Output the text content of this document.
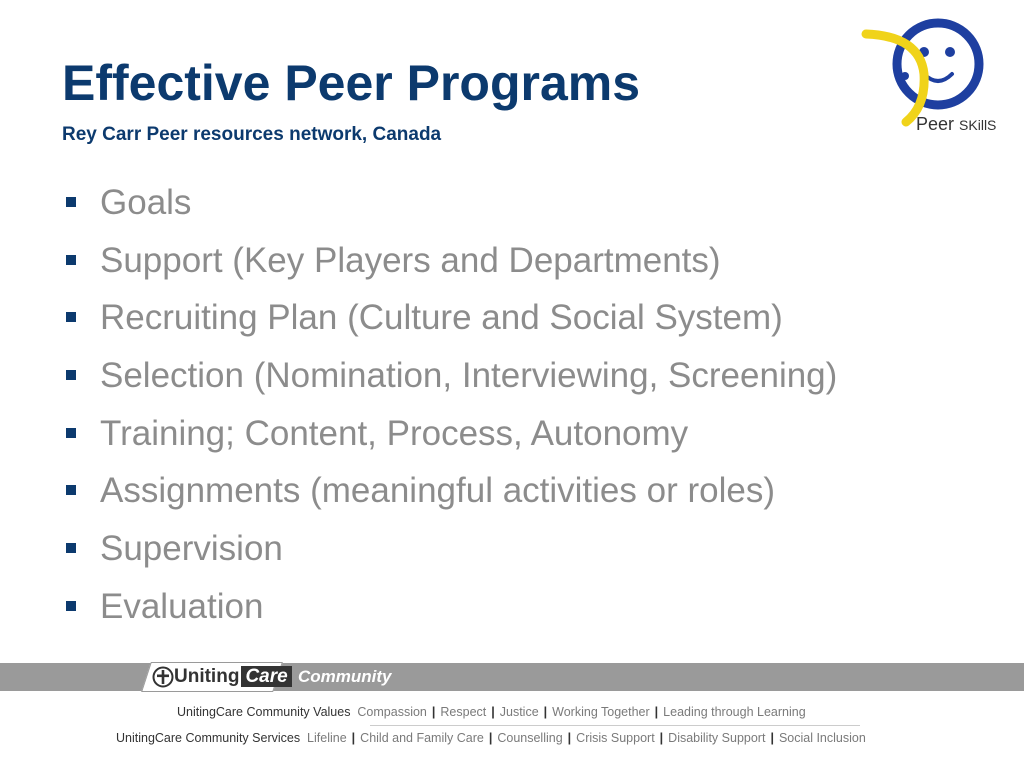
Effective Peer Programs
Rey Carr Peer resources network, Canada	Peer SKillS
Goals
Support (Key Players and Departments)
Recruiting Plan (Culture and Social System)
Selection (Nomination, Interviewing, Screening)
Training; Content, Process, Autonomy
Assignments (meaningful activities or roles)
Supervision
Evaluation
Uniting Care Community
UnitingCare Community Values Compassion | Respect | Justice | Working Together | Leading through Learning
UnitingCare Community Services Lifeline | Child and Family Care | Counselling | Crisis Support | Disability Support | Social Inclusion
